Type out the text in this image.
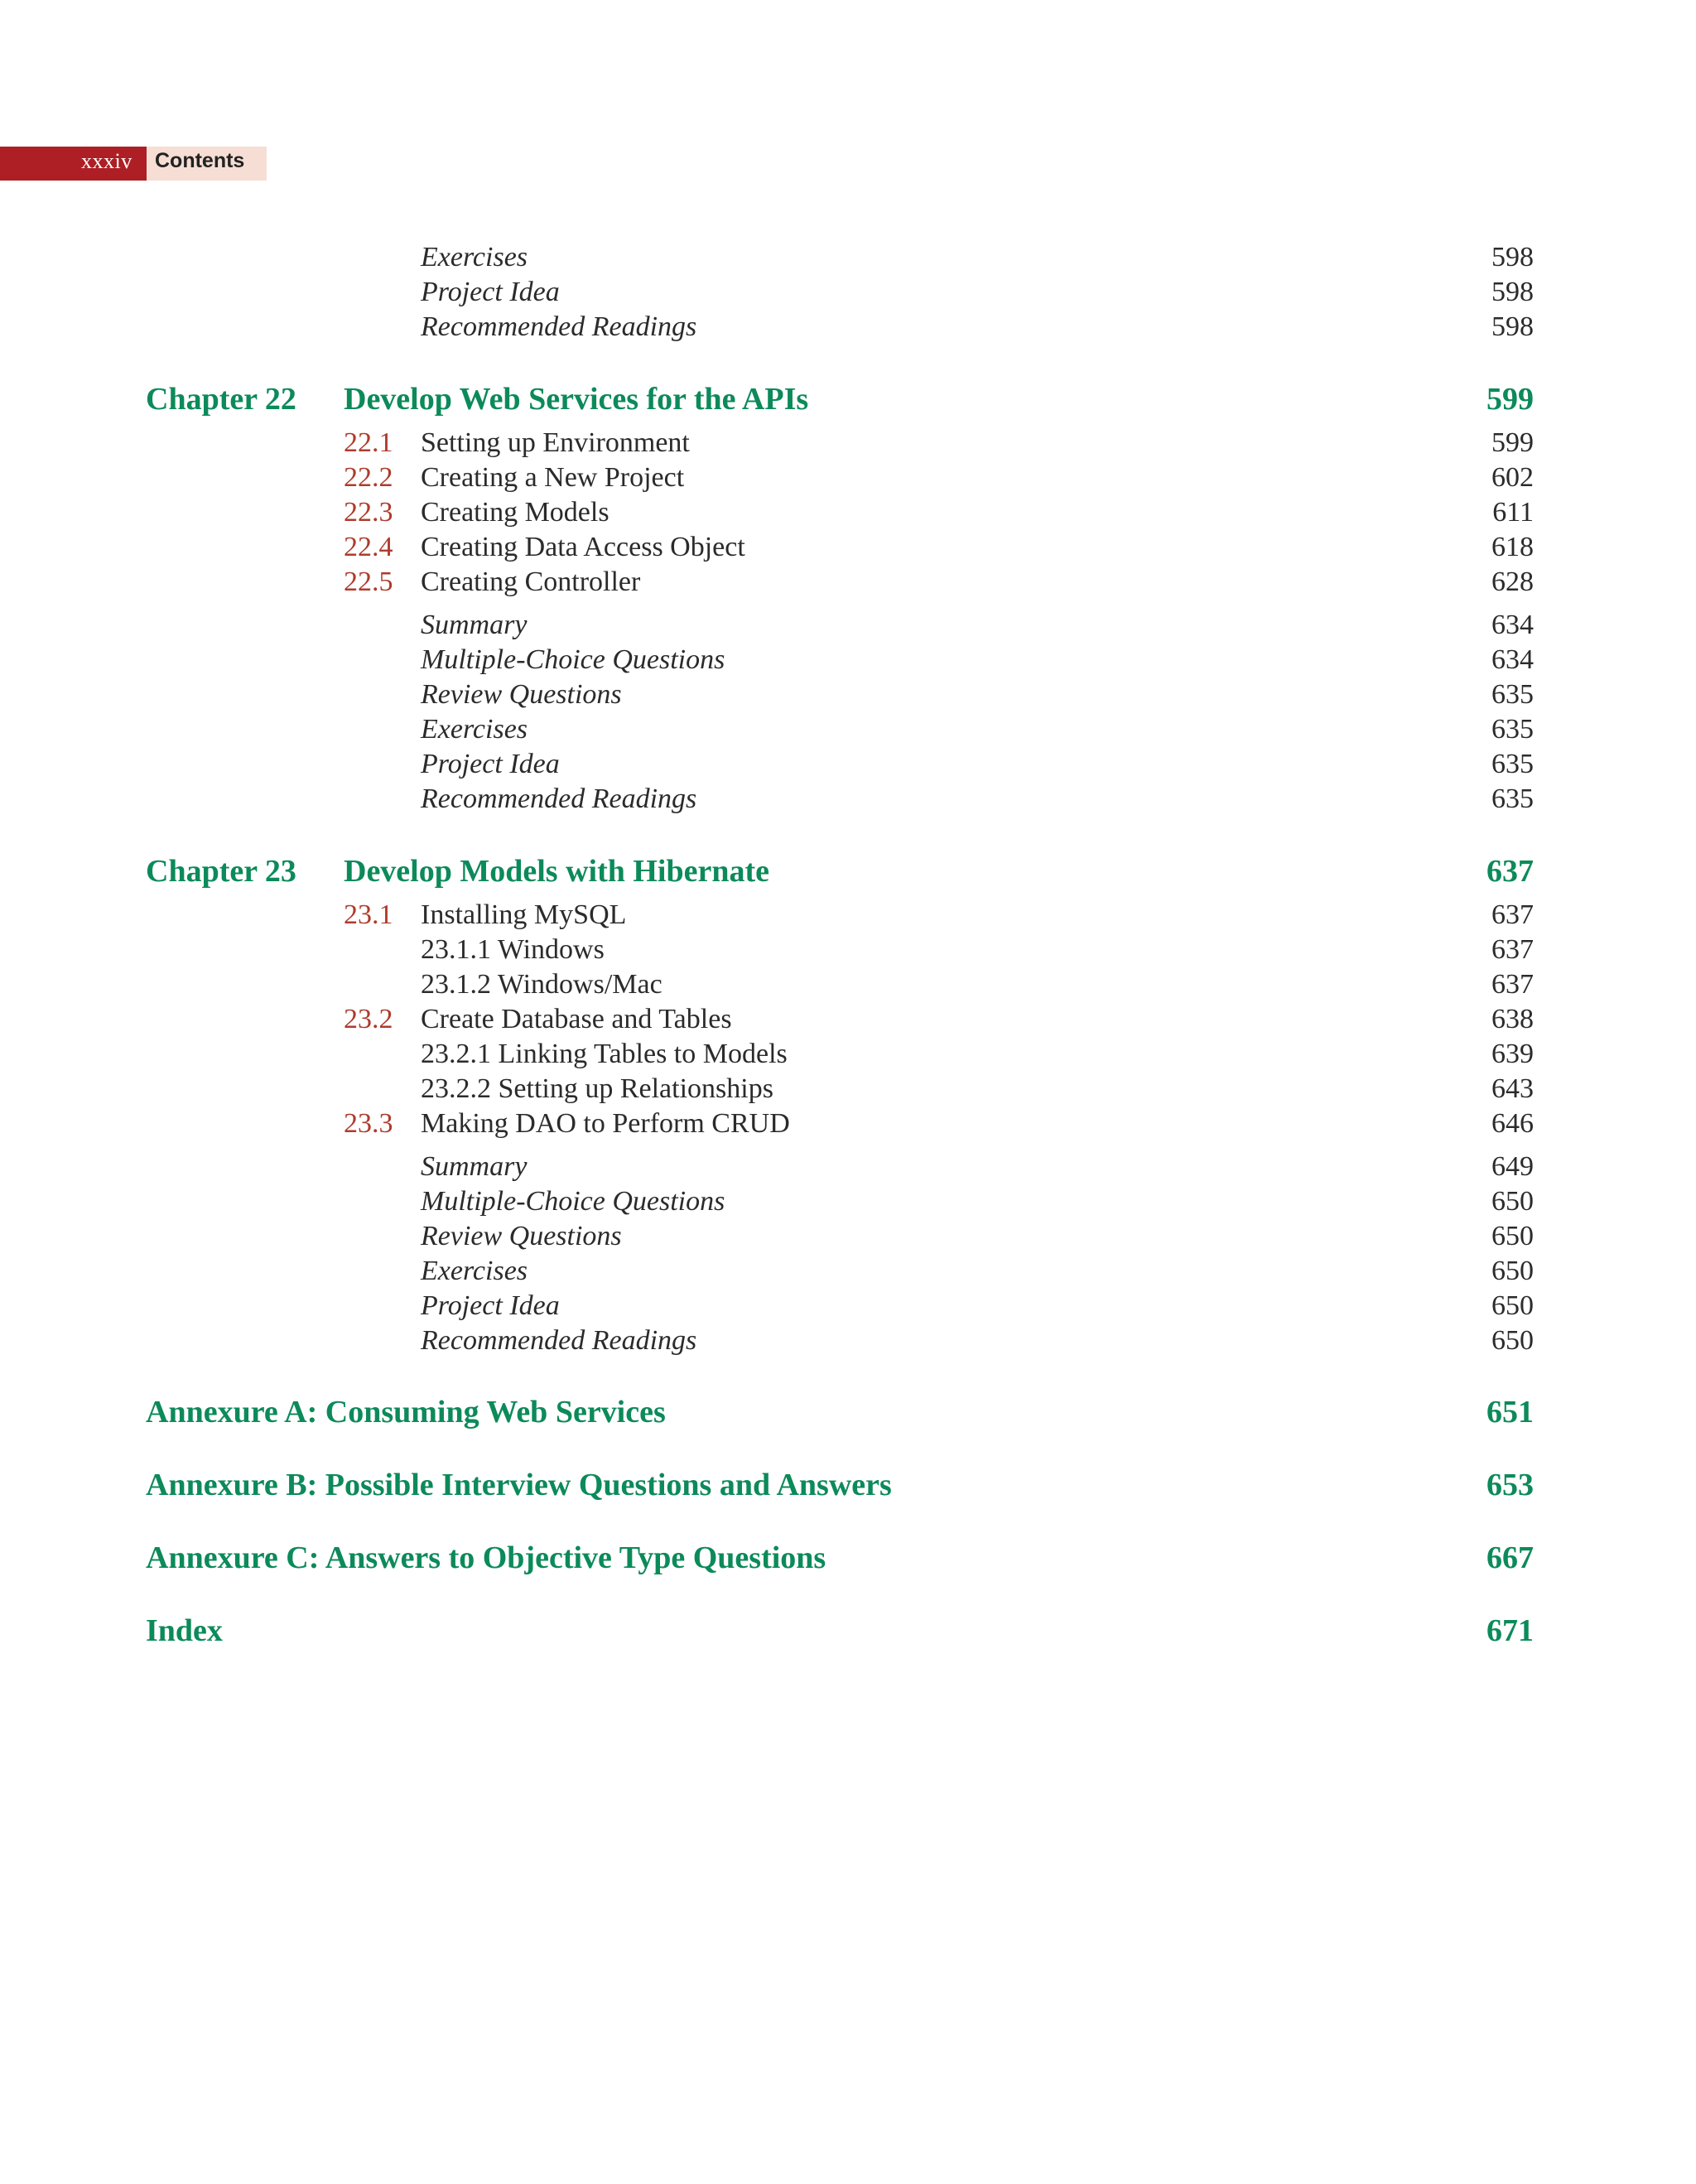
xxxiv Contents
Exercises	598
Project Idea	598
Recommended Readings	598
Chapter 22 Develop Web Services for the APIs	599
22.1 Setting up Environment	599
22.2 Creating a New Project	602
22.3 Creating Models	611
22.4 Creating Data Access Object	618
22.5 Creating Controller	628
Summary	634
Multiple-Choice Questions	634
Review Questions	635
Exercises	635
Project Idea	635
Recommended Readings	635
Chapter 23 Develop Models with Hibernate	637
23.1 Installing MySQL	637
23.1.1 Windows	637
23.1.2 Windows/Mac	637
23.2 Create Database and Tables	638
23.2.1 Linking Tables to Models	639
23.2.2 Setting up Relationships	643
23.3 Making DAO to Perform CRUD	646
Summary	649
Multiple-Choice Questions	650
Review Questions	650
Exercises	650
Project Idea	650
Recommended Readings	650
Annexure A: Consuming Web Services	651
Annexure B: Possible Interview Questions and Answers	653
Annexure C: Answers to Objective Type Questions	667
Index	671
